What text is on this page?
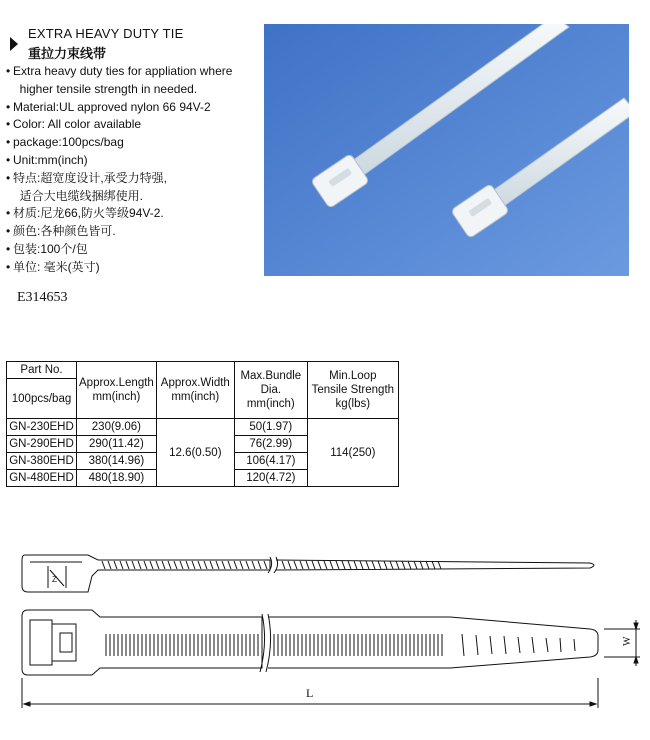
EXTRA HEAVY DUTY TIE
重拉力束线带
• Extra heavy duty ties for appliation where
higher tensile strength in needed.
• Material:UL approved nylon 66 94V-2
• Color: All color available
• package:100pcs/bag
• Unit:mm(inch)
• 特点:超宽度设计,承受力特强,
适合大电缆线捆绑使用.
• 材质:尼龙66,防火等级94V-2.
• 颜色:各种颜色皆可.
• 包装:100个/包
• 单位: 毫米(英寸)
E314653
Part No.	Approx.Length mm(inch)	Approx.Width mm(inch)	Max.Bundle Dia. mm(inch)	Min.Loop Tensile Strength kg(lbs)
100pcs/bag				
GN-230EHD	230(9.06)	12.6(0.50)	50(1.97)	114(250)
GN-290EHD	290(11.42)		76(2.99)	
GN-380EHD	380(14.96)		106(4.17)	
GN-480EHD	480(18.90)		120(4.72)	
Z
L
W
